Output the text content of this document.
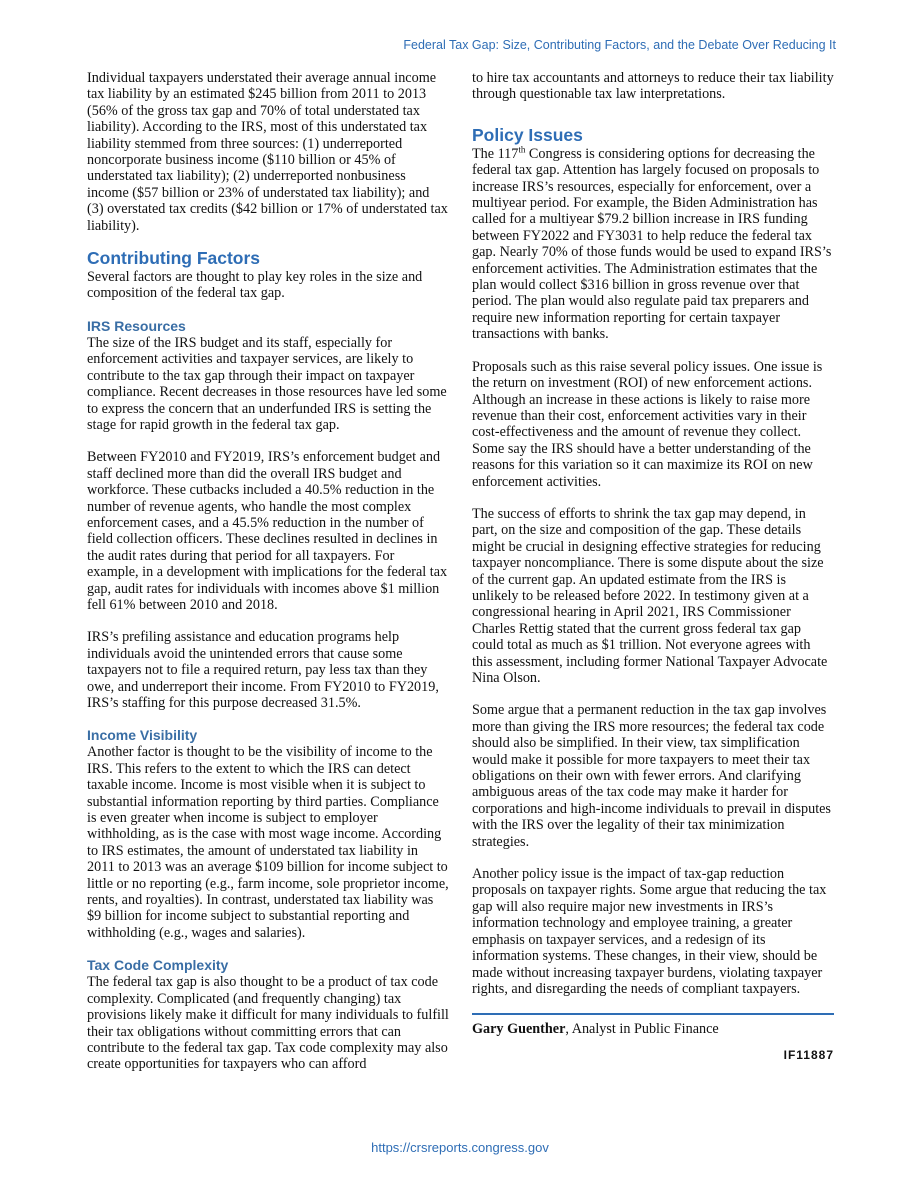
Federal Tax Gap: Size, Contributing Factors, and the Debate Over Reducing It

Individual taxpayers understated their average annual income tax liability by an estimated $245 billion from 2011 to 2013 (56% of the gross tax gap and 70% of total understated tax liability). According to the IRS, most of this understated tax liability stemmed from three sources: (1) underreported noncorporate business income ($110 billion or 45% of understated tax liability); (2) underreported nonbusiness income ($57 billion or 23% of understated tax liability); and (3) overstated tax credits ($42 billion or 17% of understated tax liability).

Contributing Factors

Several factors are thought to play key roles in the size and composition of the federal tax gap.

IRS Resources

The size of the IRS budget and its staff, especially for enforcement activities and taxpayer services, are likely to contribute to the tax gap through their impact on taxpayer compliance. Recent decreases in those resources have led some to express the concern that an underfunded IRS is setting the stage for rapid growth in the federal tax gap.

Between FY2010 and FY2019, IRS’s enforcement budget and staff declined more than did the overall IRS budget and workforce. These cutbacks included a 40.5% reduction in the number of revenue agents, who handle the most complex enforcement cases, and a 45.5% reduction in the number of field collection officers. These declines resulted in declines in the audit rates during that period for all taxpayers. For example, in a development with implications for the federal tax gap, audit rates for individuals with incomes above $1 million fell 61% between 2010 and 2018.

IRS’s prefiling assistance and education programs help individuals avoid the unintended errors that cause some taxpayers not to file a required return, pay less tax than they owe, and underreport their income. From FY2010 to FY2019, IRS’s staffing for this purpose decreased 31.5%.

Income Visibility

Another factor is thought to be the visibility of income to the IRS. This refers to the extent to which the IRS can detect taxable income. Income is most visible when it is subject to substantial information reporting by third parties. Compliance is even greater when income is subject to employer withholding, as is the case with most wage income. According to IRS estimates, the amount of understated tax liability in 2011 to 2013 was an average $109 billion for income subject to little or no reporting (e.g., farm income, sole proprietor income, rents, and royalties). In contrast, understated tax liability was $9 billion for income subject to substantial reporting and withholding (e.g., wages and salaries).

Tax Code Complexity

The federal tax gap is also thought to be a product of tax code complexity. Complicated (and frequently changing) tax provisions likely make it difficult for many individuals to fulfill their tax obligations without committing errors that can contribute to the federal tax gap. Tax code complexity may also create opportunities for taxpayers who can afford

to hire tax accountants and attorneys to reduce their tax liability through questionable tax law interpretations.

Policy Issues

The 117th Congress is considering options for decreasing the federal tax gap. Attention has largely focused on proposals to increase IRS’s resources, especially for enforcement, over a multiyear period. For example, the Biden Administration has called for a multiyear $79.2 billion increase in IRS funding between FY2022 and FY3031 to help reduce the federal tax gap. Nearly 70% of those funds would be used to expand IRS’s enforcement activities. The Administration estimates that the plan would collect $316 billion in gross revenue over that period. The plan would also regulate paid tax preparers and require new information reporting for certain taxpayer transactions with banks.

Proposals such as this raise several policy issues. One issue is the return on investment (ROI) of new enforcement actions. Although an increase in these actions is likely to raise more revenue than their cost, enforcement activities vary in their cost-effectiveness and the amount of revenue they collect. Some say the IRS should have a better understanding of the reasons for this variation so it can maximize its ROI on new enforcement activities.

The success of efforts to shrink the tax gap may depend, in part, on the size and composition of the gap. These details might be crucial in designing effective strategies for reducing taxpayer noncompliance. There is some dispute about the size of the current gap. An updated estimate from the IRS is unlikely to be released before 2022. In testimony given at a congressional hearing in April 2021, IRS Commissioner Charles Rettig stated that the current gross federal tax gap could total as much as $1 trillion. Not everyone agrees with this assessment, including former National Taxpayer Advocate Nina Olson.

Some argue that a permanent reduction in the tax gap involves more than giving the IRS more resources; the federal tax code should also be simplified. In their view, tax simplification would make it possible for more taxpayers to meet their tax obligations on their own with fewer errors. And clarifying ambiguous areas of the tax code may make it harder for corporations and high-income individuals to prevail in disputes with the IRS over the legality of their tax minimization strategies.

Another policy issue is the impact of tax-gap reduction proposals on taxpayer rights. Some argue that reducing the tax gap will also require major new investments in IRS’s information technology and employee training, a greater emphasis on taxpayer services, and a redesign of its information systems. These changes, in their view, should be made without increasing taxpayer burdens, violating taxpayer rights, and disregarding the needs of compliant taxpayers.

Gary Guenther, Analyst in Public Finance
IF11887
https://crsreports.congress.gov
